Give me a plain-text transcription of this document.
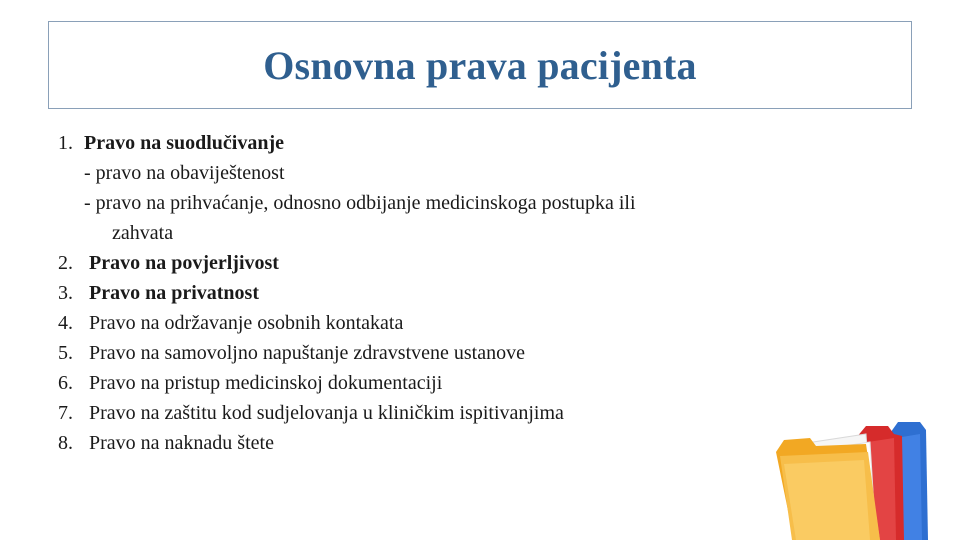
Osnovna prava pacijenta
1. Pravo na suodlučivanje
- pravo na obaviještenost
- pravo na prihvaćanje, odnosno odbijanje medicinskoga postupka ili
zahvata
2. Pravo na povjerljivost
3. Pravo na privatnost
4. Pravo na održavanje osobnih kontakata
5. Pravo na samovoljno napuštanje zdravstvene ustanove
6. Pravo na pristup medicinskoj dokumentaciji
7. Pravo na zaštitu kod sudjelovanja u kliničkim ispitivanjima
8. Pravo na naknadu štete
